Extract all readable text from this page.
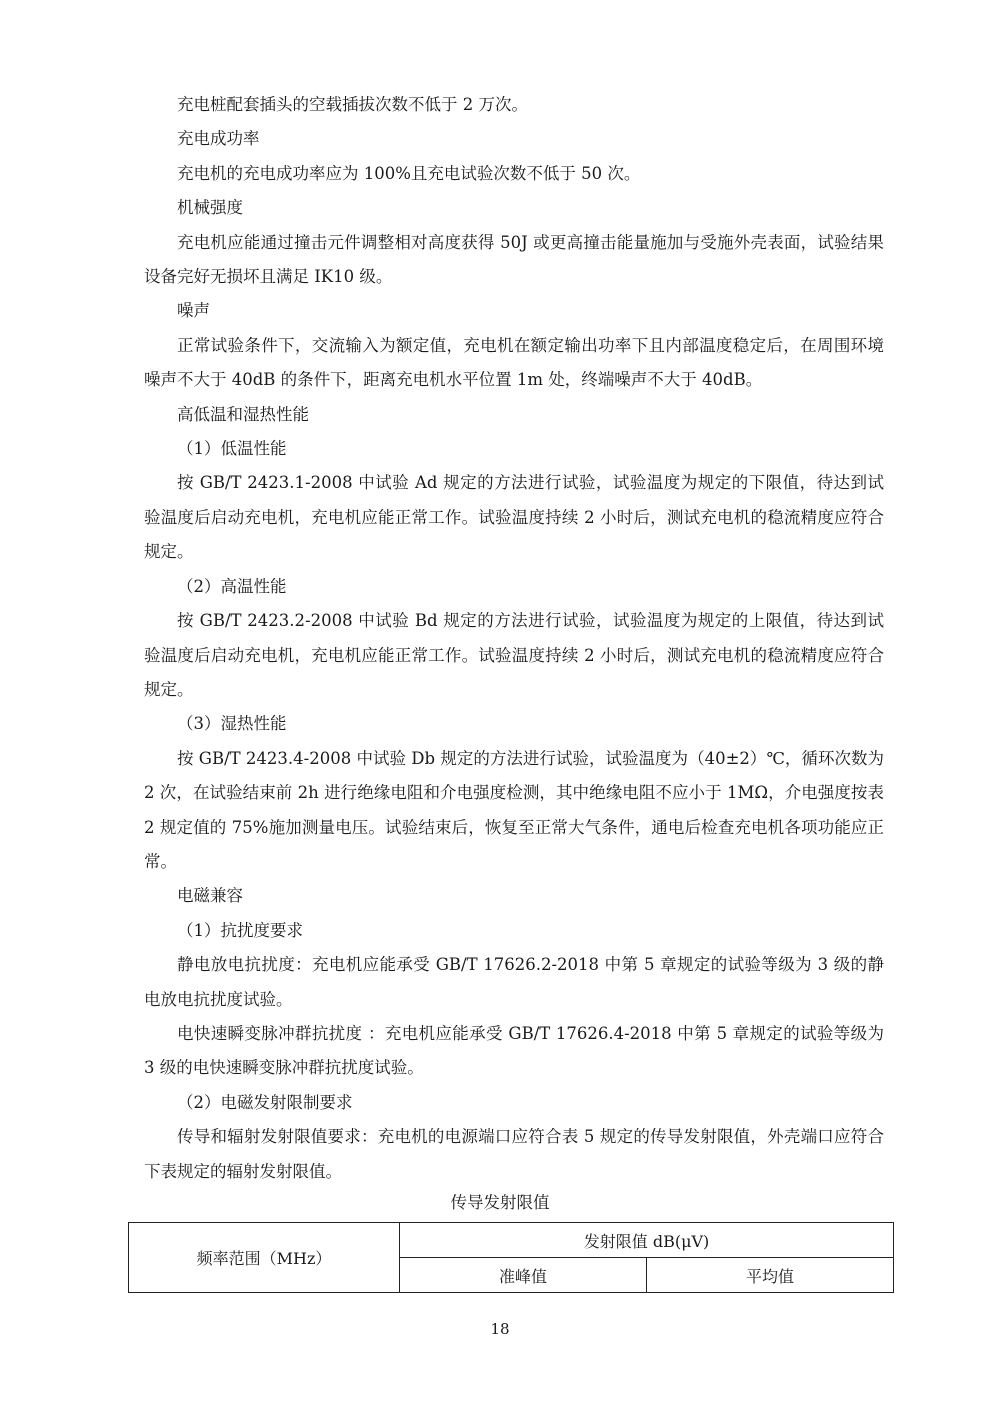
充电桩配套插头的空载插拔次数不低于 2 万次。

充电成功率

充电机的充电成功率应为 100%且充电试验次数不低于 50 次。

机械强度

充电机应能通过撞击元件调整相对高度获得 50J 或更高撞击能量施加与受施外壳表面，试验结果设备完好无损坏且满足 IK10 级。

噪声

正常试验条件下，交流输入为额定值，充电机在额定输出功率下且内部温度稳定后，在周围环境噪声不大于 40dB 的条件下，距离充电机水平位置 1m 处，终端噪声不大于 40dB。

高低温和湿热性能

（1）低温性能

按 GB/T 2423.1-2008 中试验 Ad 规定的方法进行试验，试验温度为规定的下限值，待达到试验温度后启动充电机，充电机应能正常工作。试验温度持续 2 小时后，测试充电机的稳流精度应符合规定。

（2）高温性能

按 GB/T 2423.2-2008 中试验 Bd 规定的方法进行试验，试验温度为规定的上限值，待达到试验温度后启动充电机，充电机应能正常工作。试验温度持续 2 小时后，测试充电机的稳流精度应符合规定。

（3）湿热性能

按 GB/T 2423.4-2008 中试验 Db 规定的方法进行试验，试验温度为（40±2）℃，循环次数为 2 次，在试验结束前 2h 进行绝缘电阻和介电强度检测，其中绝缘电阻不应小于 1MΩ，介电强度按表 2 规定值的 75%施加测量电压。试验结束后，恢复至正常大气条件，通电后检查充电机各项功能应正常。

电磁兼容

（1）抗扰度要求

静电放电抗扰度：充电机应能承受 GB/T 17626.2-2018 中第 5 章规定的试验等级为 3 级的静电放电抗扰度试验。

电快速瞬变脉冲群抗扰度 ：充电机应能承受 GB/T 17626.4-2018 中第 5 章规定的试验等级为 3 级的电快速瞬变脉冲群抗扰度试验。

（2）电磁发射限制要求

传导和辐射发射限值要求：充电机的电源端口应符合表 5 规定的传导发射限值，外壳端口应符合下表规定的辐射发射限值。

传导发射限值
频率范围（MHz）	发射限值 dB(μV)	
	准峰值	平均值
18
